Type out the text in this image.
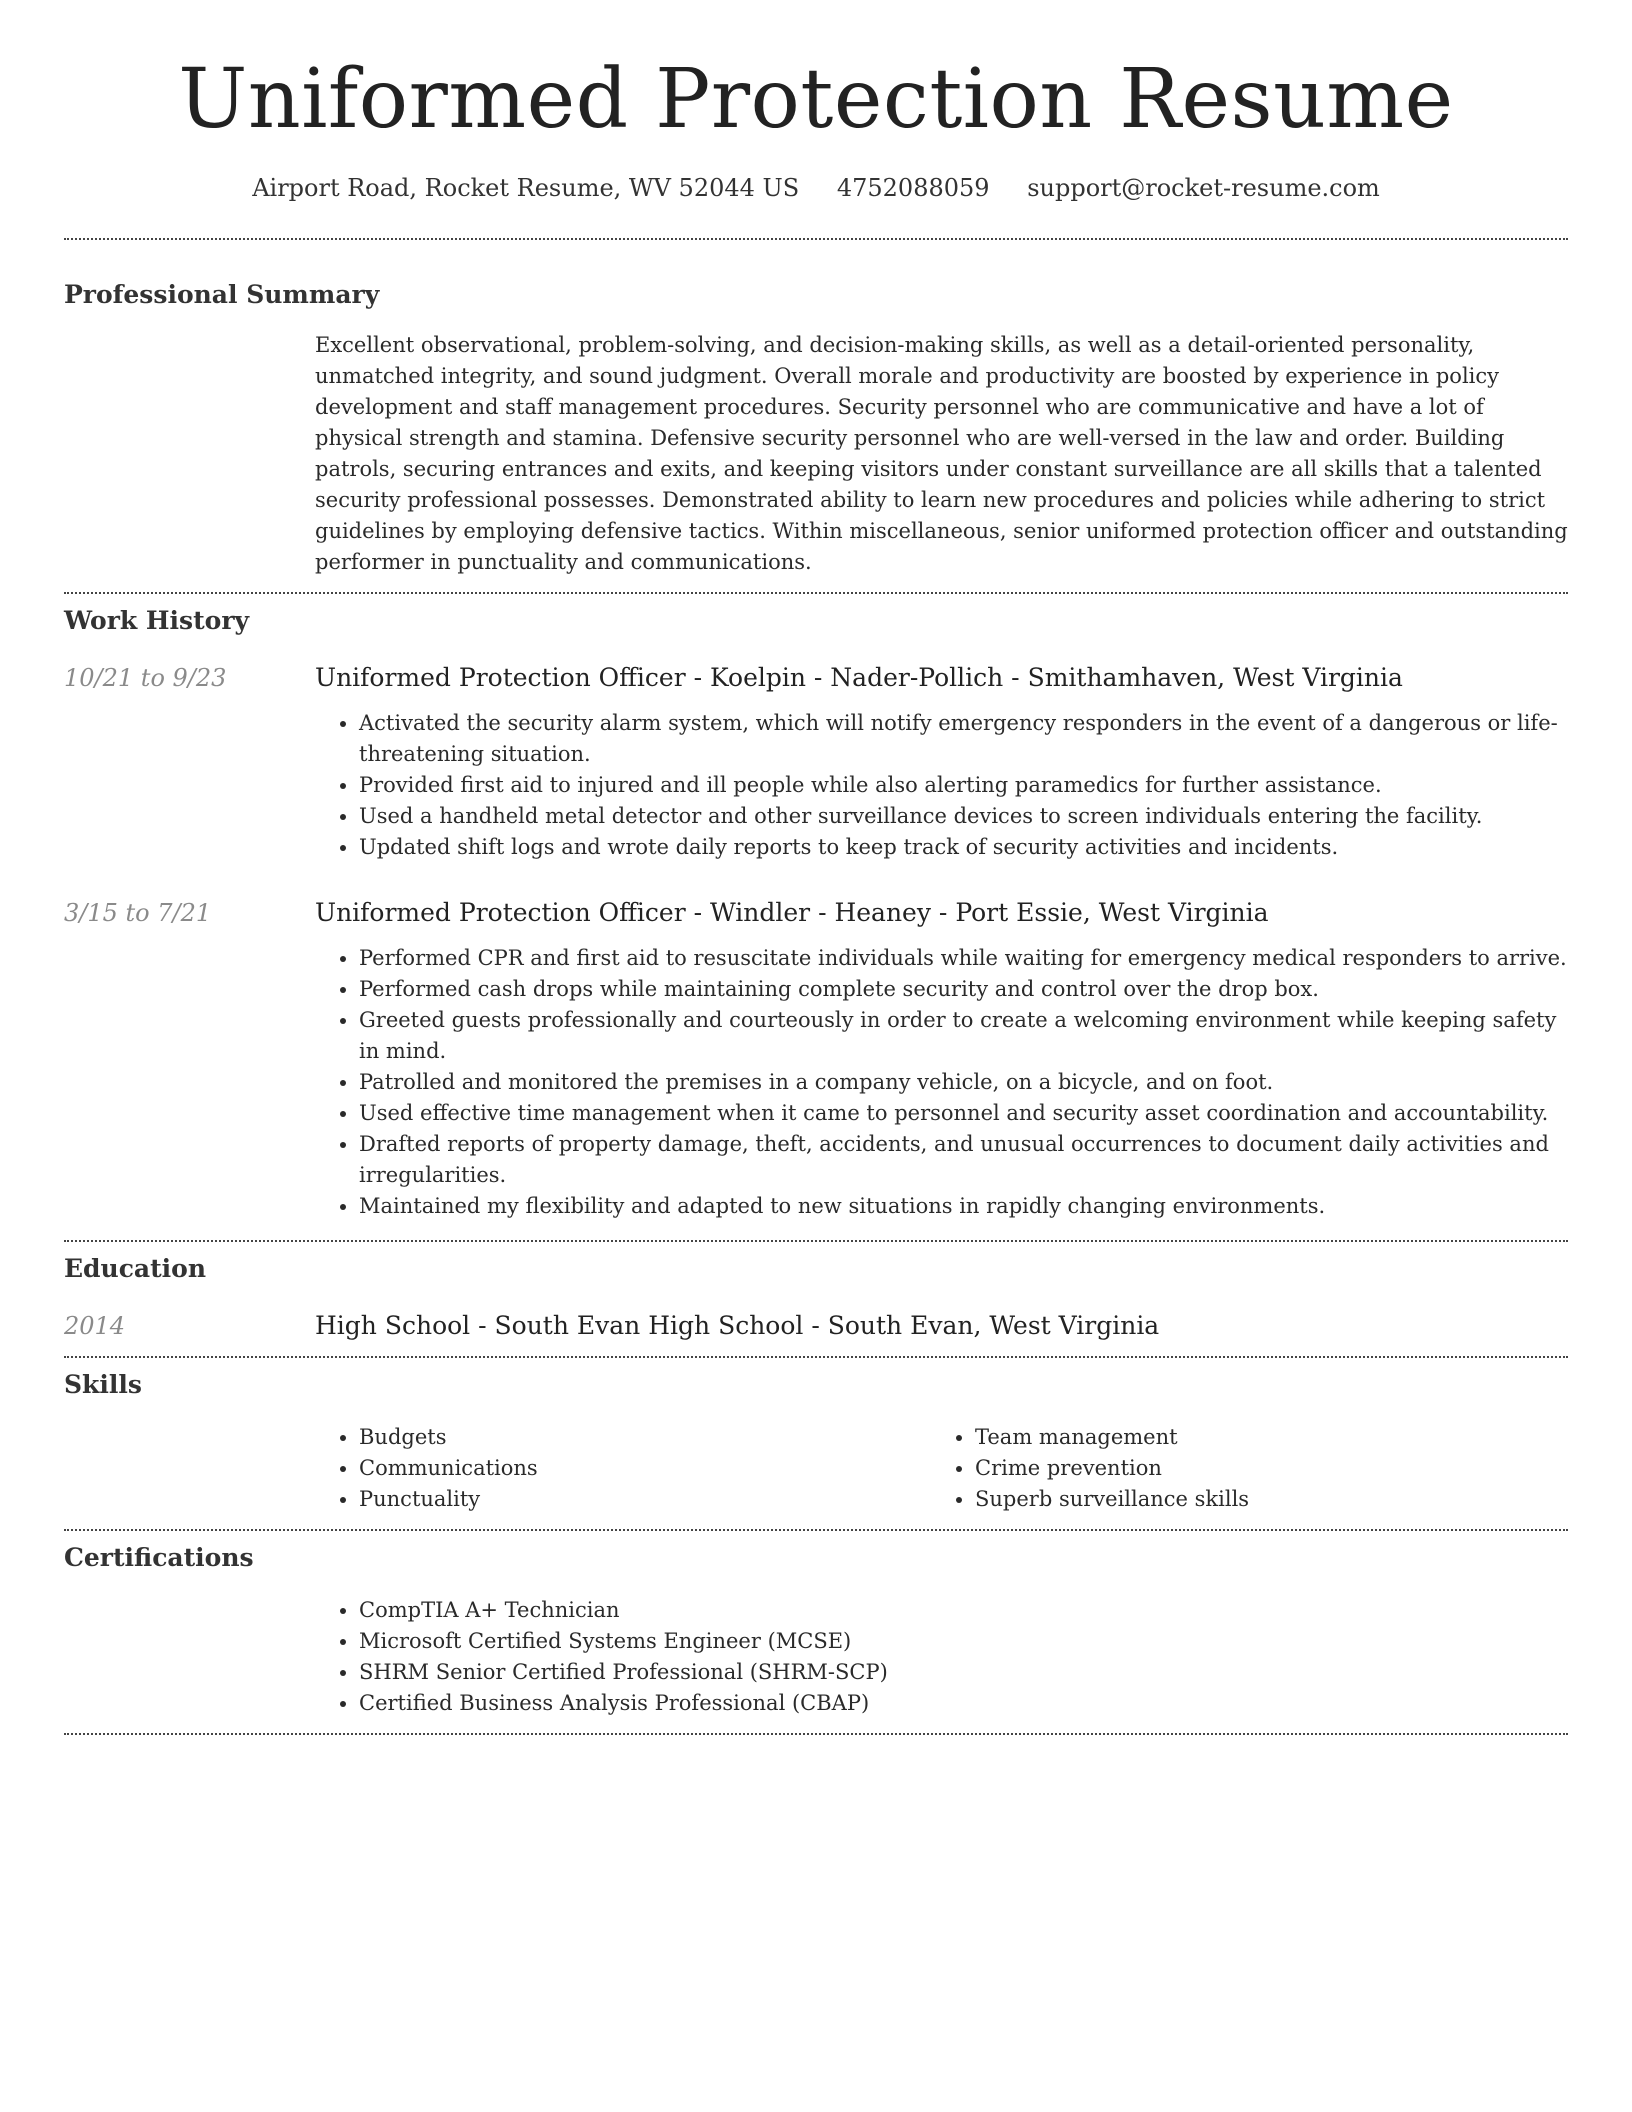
Uniformed Protection Resume
Airport Road, Rocket Resume, WV 52044 US 4752088059 support@rocket-resume.com
Professional Summary

Excellent observational, problem-solving, and decision-making skills, as well as a detail-oriented personality, unmatched integrity, and sound judgment. Overall morale and productivity are boosted by experience in policy development and staff management procedures. Security personnel who are communicative and have a lot of physical strength and stamina. Defensive security personnel who are well-versed in the law and order. Building patrols, securing entrances and exits, and keeping visitors under constant surveillance are all skills that a talented security professional possesses. Demonstrated ability to learn new procedures and policies while adhering to strict guidelines by employing defensive tactics. Within miscellaneous, senior uniformed protection officer and outstanding performer in punctuality and communications.

Work History
10/21 to 9/23	Uniformed Protection Officer - Koelpin - Nader-Pollich - Smithamhaven, West Virginia

• Activated the security alarm system, which will notify emergency responders in the event of a dangerous or life-threatening situation.
• Provided first aid to injured and ill people while also alerting paramedics for further assistance.
• Used a handheld metal detector and other surveillance devices to screen individuals entering the facility.
• Updated shift logs and wrote daily reports to keep track of security activities and incidents.
3/15 to 7/21	Uniformed Protection Officer - Windler - Heaney - Port Essie, West Virginia

• Performed CPR and first aid to resuscitate individuals while waiting for emergency medical responders to arrive.
• Performed cash drops while maintaining complete security and control over the drop box.
• Greeted guests professionally and courteously in order to create a welcoming environment while keeping safety in mind.
• Patrolled and monitored the premises in a company vehicle, on a bicycle, and on foot.
• Used effective time management when it came to personnel and security asset coordination and accountability.
• Drafted reports of property damage, theft, accidents, and unusual occurrences to document daily activities and irregularities.
• Maintained my flexibility and adapted to new situations in rapidly changing environments.
Education
2014	High School - South Evan High School - South Evan, West Virginia

Skills
• Budgets
• Communications
• Punctuality
• Team management
• Crime prevention
• Superb surveillance skills
Certifications
• CompTIA A+ Technician
• Microsoft Certified Systems Engineer (MCSE)
• SHRM Senior Certified Professional (SHRM-SCP)
• Certified Business Analysis Professional (CBAP)
